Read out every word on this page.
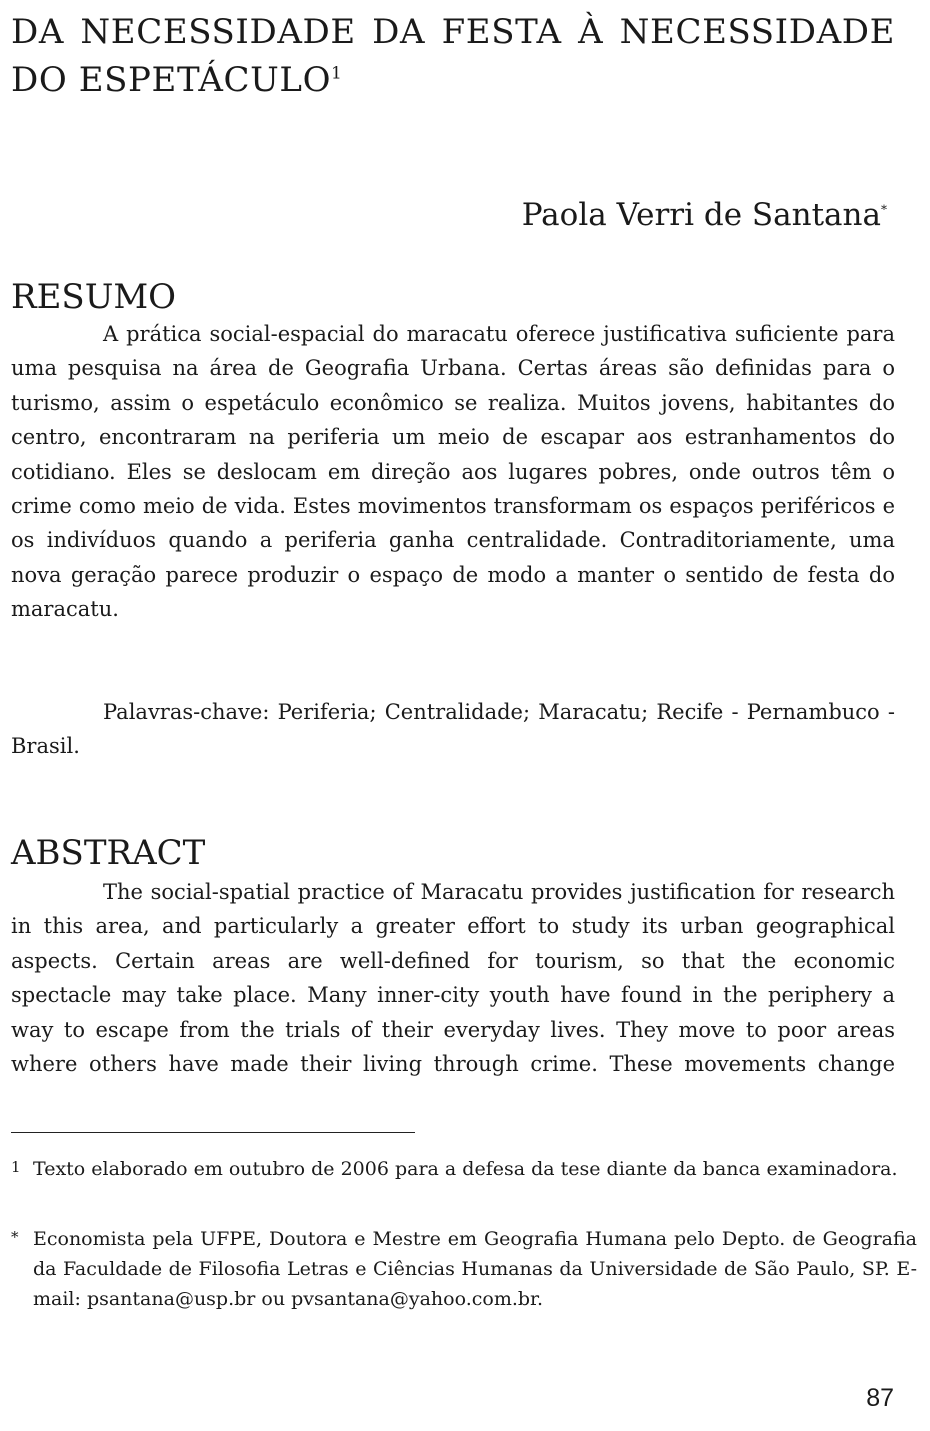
DA NECESSIDADE DA FESTA À NECESSIDADE DO ESPETÁCULO$^1$

Paola Verri de Santana*

RESUMO

A prática social-espacial do maracatu oferece justificativa suficiente para uma pesquisa na área de Geografia Urbana. Certas áreas são definidas para o turismo, assim o espetáculo econômico se realiza. Muitos jovens, habitantes do centro, encontraram na periferia um meio de escapar aos estranhamentos do cotidiano. Eles se deslocam em direção aos lugares pobres, onde outros têm o crime como meio de vida. Estes movimentos transformam os espaços periféricos e os indivíduos quando a periferia ganha centralidade. Contraditoriamente, uma nova geração parece produzir o espaço de modo a manter o sentido de festa do maracatu.

Palavras-chave: Periferia; Centralidade; Maracatu; Recife - Pernambuco - Brasil.

ABSTRACT

The social-spatial practice of Maracatu provides justification for research in this area, and particularly a greater effort to study its urban geographical aspects. Certain areas are well-defined for tourism, so that the economic spectacle may take place. Many inner-city youth have found in the periphery a way to escape from the trials of their everyday lives. They move to poor areas where others have made their living through crime. These movements change

1 Texto elaborado em outubro de 2006 para a defesa da tese diante da banca examinadora.

* Economista pela UFPE, Doutora e Mestre em Geografia Humana pelo Depto. de Geografia da Faculdade de Filosofia Letras e Ciências Humanas da Universidade de São Paulo, SP. E-mail: psantana@usp.br ou pvsantana@yahoo.com.br.

87
